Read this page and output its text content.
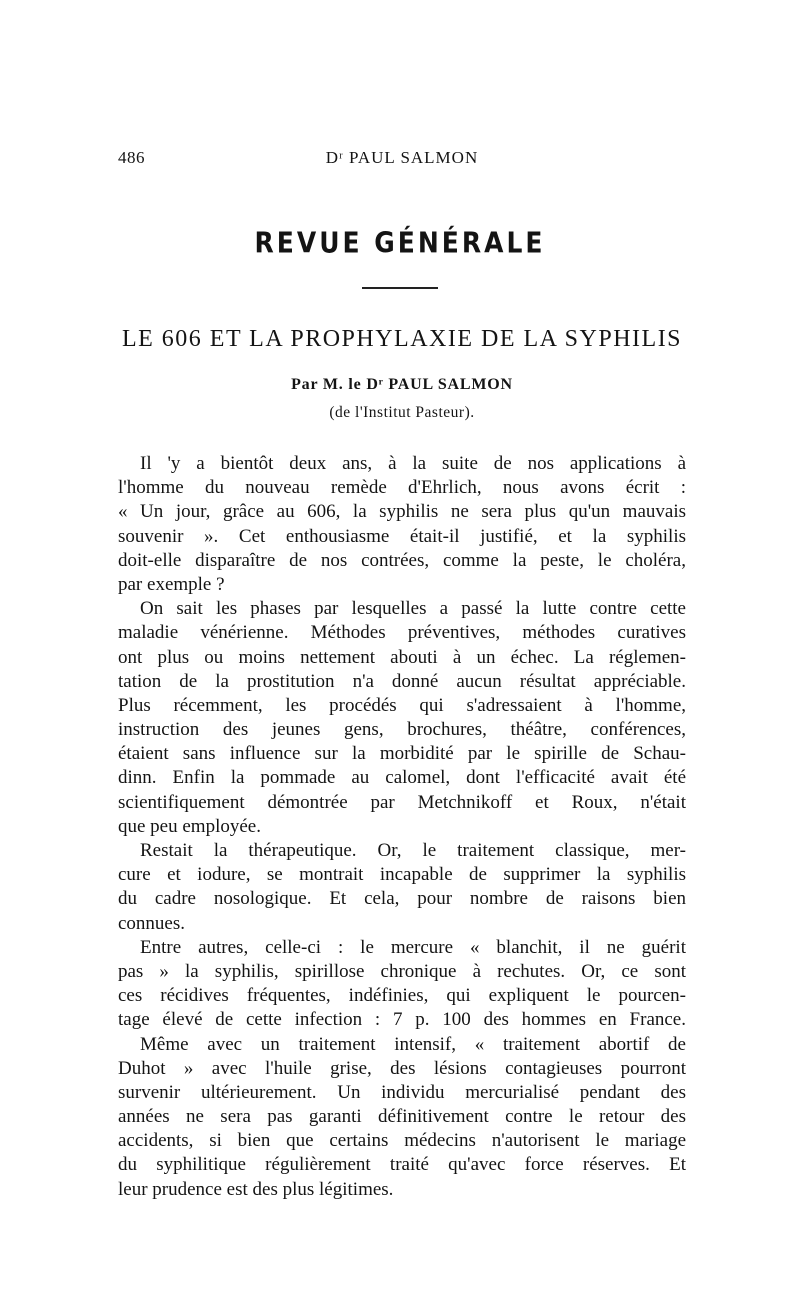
486	Dʳ PAUL SALMON
REVUE GÉNÉRALE
LE 606 ET LA PROPHYLAXIE DE LA SYPHILIS
Par M. le Dʳ PAUL SALMON
(de l'Institut Pasteur).
Il 'y a bientôt deux ans, à la suite de nos applications à
l'homme du nouveau remède d'Ehrlich, nous avons écrit :
« Un jour, grâce au 606, la syphilis ne sera plus qu'un mauvais
souvenir ». Cet enthousiasme était-il justifié, et la syphilis
doit-elle disparaître de nos contrées, comme la peste, le choléra,
par exemple ?
On sait les phases par lesquelles a passé la lutte contre cette
maladie vénérienne. Méthodes préventives, méthodes curatives
ont plus ou moins nettement abouti à un échec. La réglemen-
tation de la prostitution n'a donné aucun résultat appréciable.
Plus récemment, les procédés qui s'adressaient à l'homme,
instruction des jeunes gens, brochures, théâtre, conférences,
étaient sans influence sur la morbidité par le spirille de Schau-
dinn. Enfin la pommade au calomel, dont l'efficacité avait été
scientifiquement démontrée par Metchnikoff et Roux, n'était
que peu employée.
Restait la thérapeutique. Or, le traitement classique, mer-
cure et iodure, se montrait incapable de supprimer la syphilis
du cadre nosologique. Et cela, pour nombre de raisons bien
connues.
Entre autres, celle-ci : le mercure « blanchit, il ne guérit
pas » la syphilis, spirillose chronique à rechutes. Or, ce sont
ces récidives fréquentes, indéfinies, qui expliquent le pourcen-
tage élevé de cette infection : 7 p. 100 des hommes en France.
Même avec un traitement intensif, « traitement abortif de
Duhot » avec l'huile grise, des lésions contagieuses pourront
survenir ultérieurement. Un individu mercurialisé pendant des
années ne sera pas garanti définitivement contre le retour des
accidents, si bien que certains médecins n'autorisent le mariage
du syphilitique régulièrement traité qu'avec force réserves. Et
leur prudence est des plus légitimes.
